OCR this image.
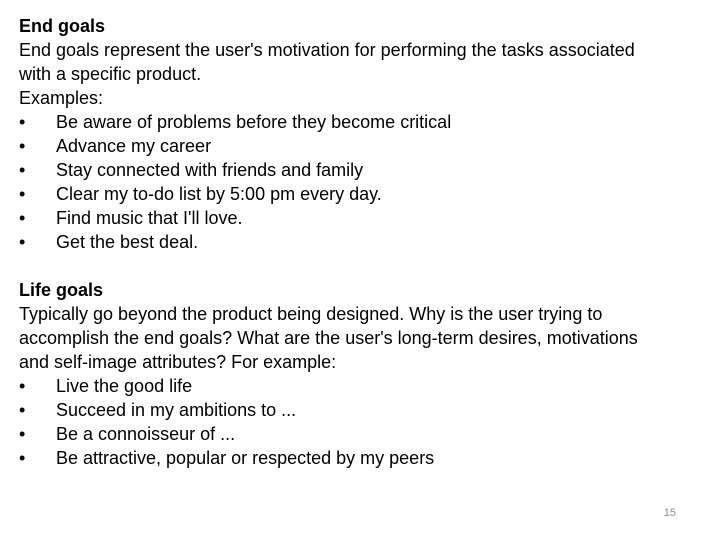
End goals
End goals represent the user's motivation for performing the tasks associated
with a specific product.
Examples:
•	Be aware of problems before they become critical
•	Advance my career
•	Stay connected with friends and family
•	Clear my to-do list by 5:00 pm every day.
•	Find music that I'll love.
•	Get the best deal.
Life goals
Typically go beyond the product being designed. Why is the user trying to
accomplish the end goals? What are the user's long-term desires, motivations
and self-image attributes? For example:
•	Live the good life
•	Succeed in my ambitions to ...
•	Be a connoisseur of ...
•	Be attractive, popular or respected by my peers
15
